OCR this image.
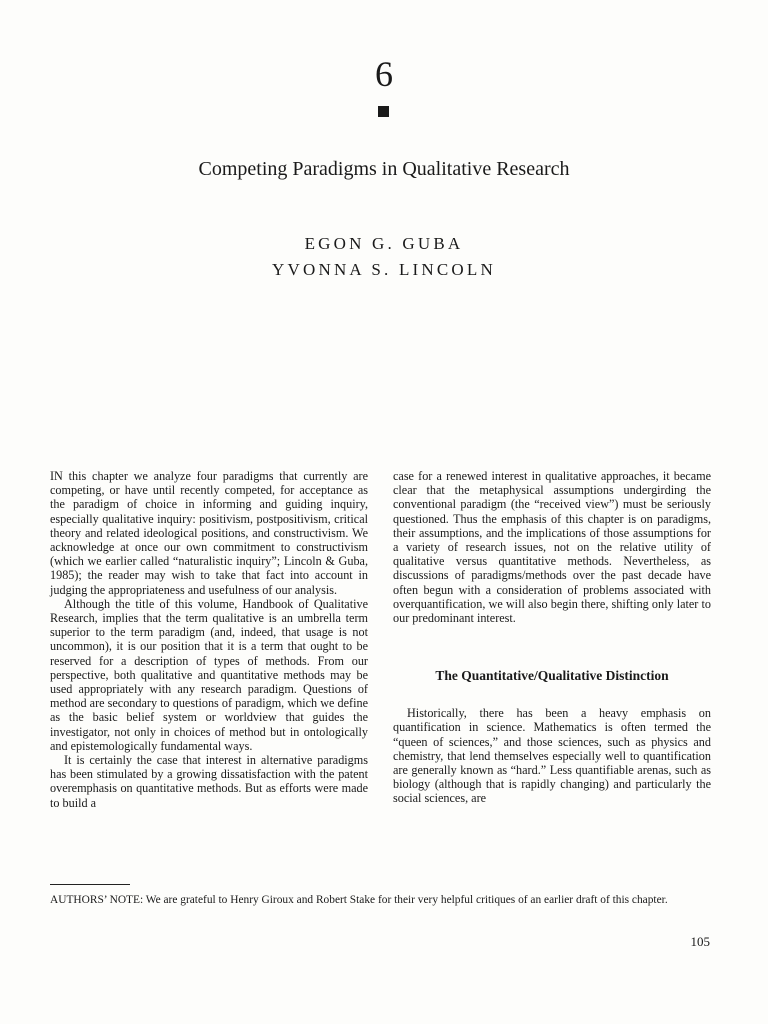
6
Competing Paradigms in Qualitative Research
EGON G. GUBA
YVONNA S. LINCOLN

IN this chapter we analyze four paradigms that currently are competing, or have until recently competed, for acceptance as the paradigm of choice in informing and guiding inquiry, especially qualitative inquiry: positivism, postpositivism, critical theory and related ideological positions, and constructivism. We acknowledge at once our own commitment to constructivism (which we earlier called “naturalistic inquiry”; Lincoln & Guba, 1985); the reader may wish to take that fact into account in judging the appropriateness and usefulness of our analysis.

Although the title of this volume, Handbook of Qualitative Research, implies that the term qualitative is an umbrella term superior to the term paradigm (and, indeed, that usage is not uncommon), it is our position that it is a term that ought to be reserved for a description of types of methods. From our perspective, both qualitative and quantitative methods may be used appropriately with any research paradigm. Questions of method are secondary to questions of paradigm, which we define as the basic belief system or worldview that guides the investigator, not only in choices of method but in ontologically and epistemologically fundamental ways.

It is certainly the case that interest in alternative paradigms has been stimulated by a growing dissatisfaction with the patent overemphasis on quantitative methods. But as efforts were made to build a

case for a renewed interest in qualitative approaches, it became clear that the metaphysical assumptions undergirding the conventional paradigm (the “received view”) must be seriously questioned. Thus the emphasis of this chapter is on paradigms, their assumptions, and the implications of those assumptions for a variety of research issues, not on the relative utility of qualitative versus quantitative methods. Nevertheless, as discussions of paradigms/methods over the past decade have often begun with a consideration of problems associated with overquantification, we will also begin there, shifting only later to our predominant interest.

The Quantitative/Qualitative Distinction

Historically, there has been a heavy emphasis on quantification in science. Mathematics is often termed the “queen of sciences,” and those sciences, such as physics and chemistry, that lend themselves especially well to quantification are generally known as “hard.” Less quantifiable arenas, such as biology (although that is rapidly changing) and particularly the social sciences, are

AUTHORS’ NOTE: We are grateful to Henry Giroux and Robert Stake for their very helpful critiques of an earlier draft of this chapter.
105
